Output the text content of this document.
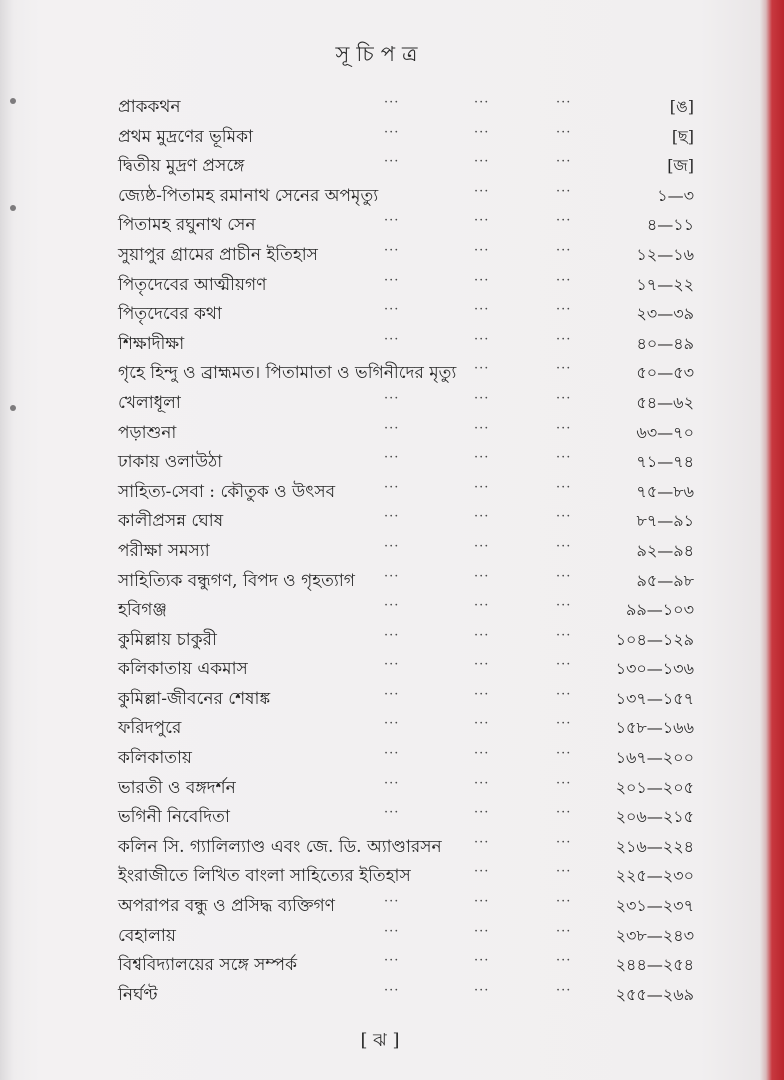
সূচিপত্র
প্রাককথন	···	···	···	[ঙ]
প্রথম মুদ্রণের ভূমিকা	···	···	···	[ছ]
দ্বিতীয় মুদ্রণ প্রসঙ্গে	···	···	···	[জ]
জ্যেষ্ঠ-পিতামহ রমানাথ সেনের অপমৃত্যু	···	···	১—৩
পিতামহ রঘুনাথ সেন	···	···	···	৪—১১
সুয়াপুর গ্রামের প্রাচীন ইতিহাস	···	···	···	১২—১৬
পিতৃদেবের আত্মীয়গণ	···	···	···	১৭—২২
পিতৃদেবের কথা	···	···	···	২৩—৩৯
শিক্ষাদীক্ষা	···	···	···	৪০—৪৯
গৃহে হিন্দু ও ব্রাহ্মমত। পিতামাতা ও ভগিনীদের মৃত্যু ···	···	৫০—৫৩
খেলাধূলা	···	···	···	৫৪—৬২
পড়াশুনা	···	···	···	৬৩—৭০
ঢাকায় ওলাউঠা	···	···	···	৭১—৭৪
সাহিত্য-সেবা : কৌতুক ও উৎসব	···	···	···	৭৫—৮৬
কালীপ্রসন্ন ঘোষ	···	···	···	৮৭—৯১
পরীক্ষা সমস্যা	···	···	···	৯২—৯৪
সাহিত্যিক বন্ধুগণ, বিপদ ও গৃহত্যাগ ···	···	···	৯৫—৯৮
হবিগঞ্জ	···	···	···	৯৯—১০৩
কুমিল্লায় চাকুরী	···	···	···	১০৪—১২৯
কলিকাতায় একমাস	···	···	···	১৩০—১৩৬
কুমিল্লা-জীবনের শেষাঙ্ক	···	···	···	১৩৭—১৫৭
ফরিদপুরে	···	···	···	১৫৮—১৬৬
কলিকাতায়	···	···	···	১৬৭—২০০
ভারতী ও বঙ্গদর্শন	···	···	···	২০১—২০৫
ভগিনী নিবেদিতা	···	···	···	২০৬—২১৫
কলিন সি. গ্যালিল্যাণ্ড এবং জে. ডি. অ্যাণ্ডারসন ···	···	২১৬—২২৪
ইংরাজীতে লিখিত বাংলা সাহিত্যের ইতিহাস	···	···	২২৫—২৩০
অপরাপর বন্ধু ও প্রসিদ্ধ ব্যক্তিগণ	···	···	···	২৩১—২৩৭
বেহালায়	···	···	···	২৩৮—২৪৩
বিশ্ববিদ্যালয়ের সঙ্গে সম্পর্ক	···	···	···	২৪৪—২৫৪
নির্ঘণ্ট	···	···	···	২৫৫—২৬৯
[ ঝ ]
